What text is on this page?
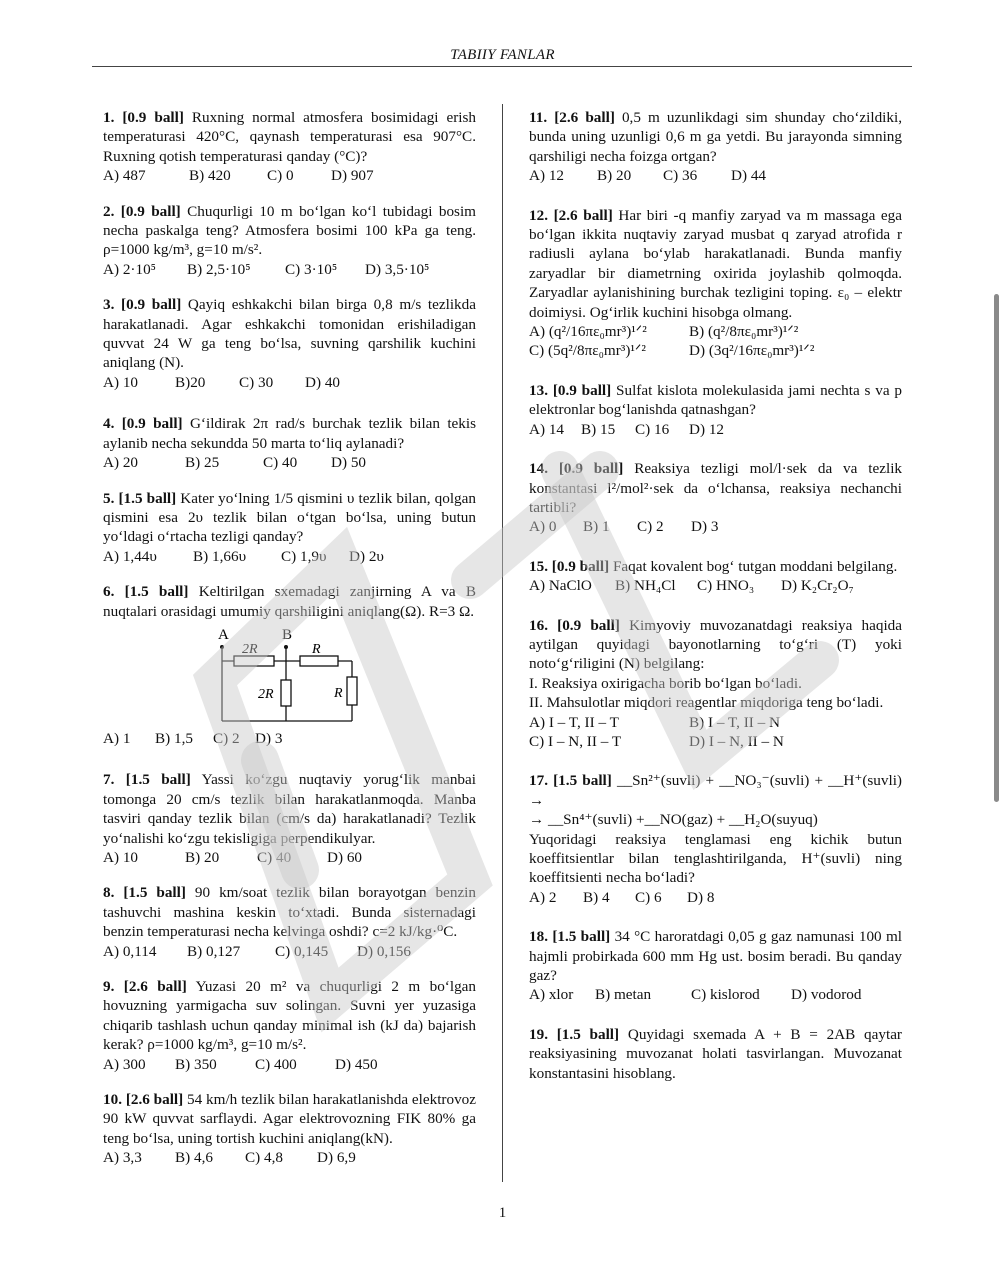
TABIIY FANLAR

1. [0.9 ball] Ruxning normal atmosfera bosimidagi erish temperaturasi 420°C, qaynash temperaturasi esa 907°C. Ruxning qotish temperaturasi qanday (°C)?

A) 487	B) 420 C) 0 D) 907

2. [0.9 ball] Chuqurligi 10 m bo‘lgan ko‘l tubidagi bosim necha paskalga teng? Atmosfera bosimi 100 kPa ga teng. ρ=1000 kg/m³, g=10 m/s².

A) 2·10⁵ B) 2,5·10⁵ C) 3·10⁵ D) 3,5·10⁵

3. [0.9 ball] Qayiq eshkakchi bilan birga 0,8 m/s tezlikda harakatlanadi. Agar eshkakchi tomonidan erishiladigan quvvat 24 W ga teng bo‘lsa, suvning qarshilik kuchini aniqlang (N).

A) 10 B)20 C) 30 D) 40

4. [0.9 ball] G‘ildirak 2π rad/s burchak tezlik bilan tekis aylanib necha sekundda 50 marta to‘liq aylanadi?

A) 20	B) 25	C) 40 D) 50

5. [1.5 ball] Kater yo‘lning 1/5 qismini υ tezlik bilan, qolgan qismini esa 2υ tezlik bilan o‘tgan bo‘lsa, uning butun yo‘ldagi o‘rtacha tezligi qanday?

A) 1,44υ B) 1,66υ C) 1,9υ D) 2υ

6. [1.5 ball] Keltirilgan sxemadagi zanjirning A va B nuqtalari orasidagi umumiy qarshiligini aniqlang(Ω). R=3 Ω.

A	B
2R	R
2R	R

A) 1 B) 1,5 C) 2 D) 3

7. [1.5 ball] Yassi ko‘zgu nuqtaviy yorug‘lik manbai tomonga 20 cm/s tezlik bilan harakatlanmoqda. Manba tasviri qanday tezlik bilan (cm/s da) harakatlanadi? Tezlik yo‘nalishi ko‘zgu tekisligiga perpendikulyar.

A) 10	B) 20 C) 40 D) 60

8. [1.5 ball] 90 km/soat tezlik bilan borayotgan benzin tashuvchi mashina keskin to‘xtadi. Bunda sisternadagi benzin temperaturasi necha kelvinga oshdi? c=2 kJ/kg·⁰C.

A) 0,114 B) 0,127 C) 0,145 D) 0,156

9. [2.6 ball] Yuzasi 20 m² va chuqurligi 2 m bo‘lgan hovuzning yarmigacha suv solingan. Suvni yer yuzasiga chiqarib tashlash uchun qanday minimal ish (kJ da) bajarish kerak? ρ=1000 kg/m³, g=10 m/s².

A) 300 B) 350	C) 400	D) 450

10. [2.6 ball] 54 km/h tezlik bilan harakatlanishda elektrovoz 90 kW quvvat sarflaydi. Agar elektrovozning FIK 80% ga teng bo‘lsa, uning tortish kuchini aniqlang(kN).

A) 3,3 B) 4,6 C) 4,8 D) 6,9

11. [2.6 ball] 0,5 m uzunlikdagi sim shunday cho‘zildiki, bunda uning uzunligi 0,6 m ga yetdi. Bu jarayonda simning qarshiligi necha foizga ortgan?

A) 12 B) 20 C) 36 D) 44

12. [2.6 ball] Har biri -q manfiy zaryad va m massaga ega bo‘lgan ikkita nuqtaviy zaryad musbat q zaryad atrofida r radiusli aylana bo‘ylab harakatlanadi. Bunda manfiy zaryadlar bir diametrning oxirida joylashib qolmoqda. Zaryadlar aylanishining burchak tezligini toping. ε₀ – elektr doimiysi. Og‘irlik kuchini hisobga olmang.

A) (q²/16πε₀mr³)¹ᐟ²	B) (q²/8πε₀mr³)¹ᐟ²
C) (5q²/8πε₀mr³)¹ᐟ²	D) (3q²/16πε₀mr³)¹ᐟ²

13. [0.9 ball] Sulfat kislota molekulasida jami nechta s va p elektronlar bog‘lanishda qatnashgan?

A) 14 B) 15 C) 16 D) 12

14. [0.9 ball] Reaksiya tezligi mol/l·sek da va tezlik konstantasi l²/mol²·sek da o‘lchansa, reaksiya nechanchi tartibli?

A) 0 B) 1 C) 2 D) 3

15. [0.9 ball] Faqat kovalent bog‘ tutgan moddani belgilang.

A) NaClO B) NH₄Cl C) HNO₃ D) K₂Cr₂O₇

16. [0.9 ball] Kimyoviy muvozanatdagi reaksiya haqida aytilgan quyidagi bayonotlarning to‘g‘ri (T) yoki noto‘g‘riligini (N) belgilang:

I. Reaksiya oxirigacha borib bo‘lgan bo‘ladi.

II. Mahsulotlar miqdori reagentlar miqdoriga teng bo‘ladi.

A) I – T, II – T	B) I – T, II – N
C) I – N, II – T	D) I – N, II – N

17. [1.5 ball] __Sn²⁺(suvli) + __NO₃⁻(suvli) + __H⁺(suvli) →

→ __Sn⁴⁺(suvli) +__NO(gaz) + __H₂O(suyuq)

Yuqoridagi reaksiya tenglamasi eng kichik butun koeffitsientlar bilan tenglashtirilganda, H⁺(suvli) ning koeffitsienti necha bo‘ladi?

A) 2 B) 4 C) 6 D) 8

18. [1.5 ball] 34 °C haroratdagi 0,05 g gaz namunasi 100 ml hajmli probirkada 600 mm Hg ust. bosim beradi. Bu qanday gaz?

A) xlor B) metan	C) kislorod D) vodorod

19. [1.5 ball] Quyidagi sxemada A + B = 2AB qaytar reaksiyasining muvozanat holati tasvirlangan. Muvozanat konstantasini hisoblang.

1
